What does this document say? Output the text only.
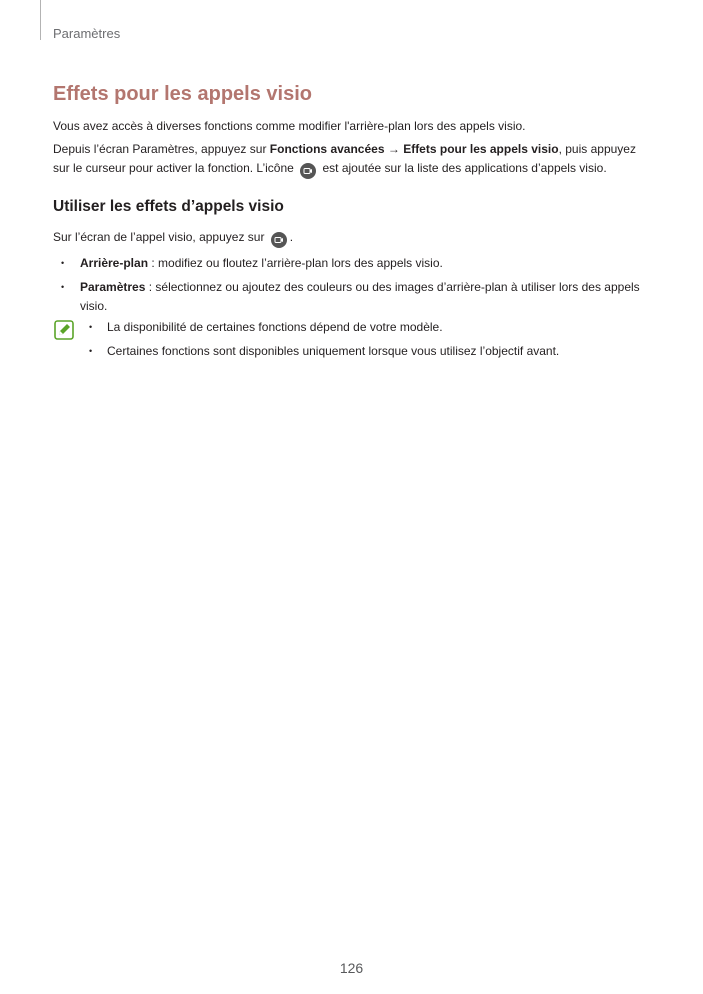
Paramètres
Effets pour les appels visio

Vous avez accès à diverses fonctions comme modifier l'arrière-plan lors des appels visio.

Depuis l’écran Paramètres, appuyez sur Fonctions avancées → Effets pour les appels visio, puis appuyez sur le curseur pour activer la fonction. L’icône est ajoutée sur la liste des applications d’appels visio.

Utiliser les effets d’appels visio

Sur l’écran de l’appel visio, appuyez sur .

• Arrière-plan : modifiez ou floutez l’arrière-plan lors des appels visio.
• Paramètres : sélectionnez ou ajoutez des couleurs ou des images d’arrière-plan à utiliser lors des appels visio.
• La disponibilité de certaines fonctions dépend de votre modèle.
• Certaines fonctions sont disponibles uniquement lorsque vous utilisez l’objectif avant.
126
